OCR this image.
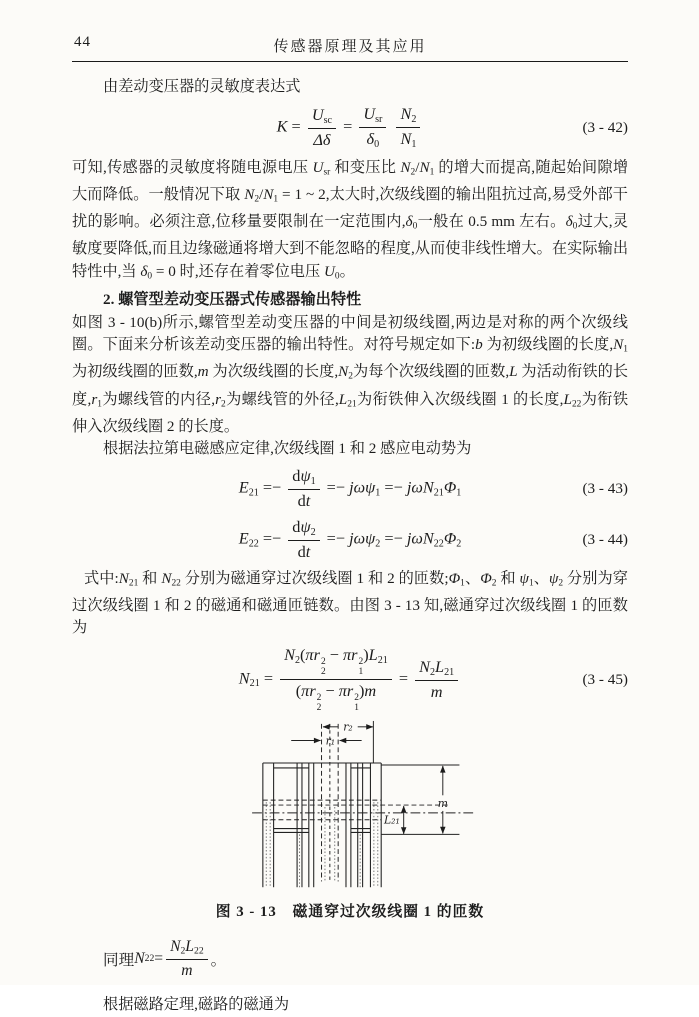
44	传感器原理及其应用

由差动变压器的灵敏度表达式

$K = \frac{\text{Usc}}{\Delta\delta} = \frac{\text{Usr}}{\delta 0}$
$\frac{N2}{N1}$	(3 - 42)

可知,传感器的灵敏度将随电源电压 Usr 和变压比 N2/N1 的增大而提高,随起始间隙增大而降低。一般情况下取 N2/N1 = 1 ~ 2,太大时,次级线圈的输出阻抗过高,易受外部干扰的影响。必须注意,位移量要限制在一定范围内,δ0一般在 0.5 mm 左右。δ0过大,灵敏度要降低,而且边缘磁通将增大到不能忽略的程度,从而使非线性增大。在实际输出特性中,当 δ0 = 0 时,还存在着零位电压 U0。

2. 螺管型差动变压器式传感器输出特性

如图 3 - 10(b)所示,螺管型差动变压器的中间是初级线圈,两边是对称的两个次级线圈。下面来分析该差动变压器的输出特性。对符号规定如下:b 为初级线圈的长度,N1为初级线圈的匝数,m 为次级线圈的长度,N2为每个次级线圈的匝数,L 为活动衔铁的长度,r1为螺线管的内径,r2为螺线管的外径,L21为衔铁伸入次级线圈 1 的长度,L22为衔铁伸入次级线圈 2 的长度。

根据法拉第电磁感应定律,次级线圈 1 和 2 感应电动势为

$E21 =- \frac{d\psi 1}{dt} =- j\omega\psi 1 =- j\omega N21\Phi 1$	(3 - 43)
$E22 =- \frac{d\psi 2}{dt} =- j\omega\psi 2 =- j\omega N22\Phi 2$	(3 - 44)

式中:N21 和 N22 分别为磁通穿过次级线圈 1 和 2 的匝数;Φ1、Φ2 和 ψ1、ψ2 分别为穿过次级线圈 1 和 2 的磁通和磁通匝链数。由图 3 - 13 知,磁通穿过次级线圈 1 的匝数为

N21 = N2(πr 2
2
− πr 2
1
)L21
(πr 2
2
− πr 2
1
)$m = \frac{N2L21}{m}$	(3 - 45)
r₂
r₁
m
L₂₁
图 3 - 13　磁通穿过次级线圈 1 的匝数
同理 N $22 = \frac{N2L22}{m}$ 。

根据磁路定理,磁路的磁通为
